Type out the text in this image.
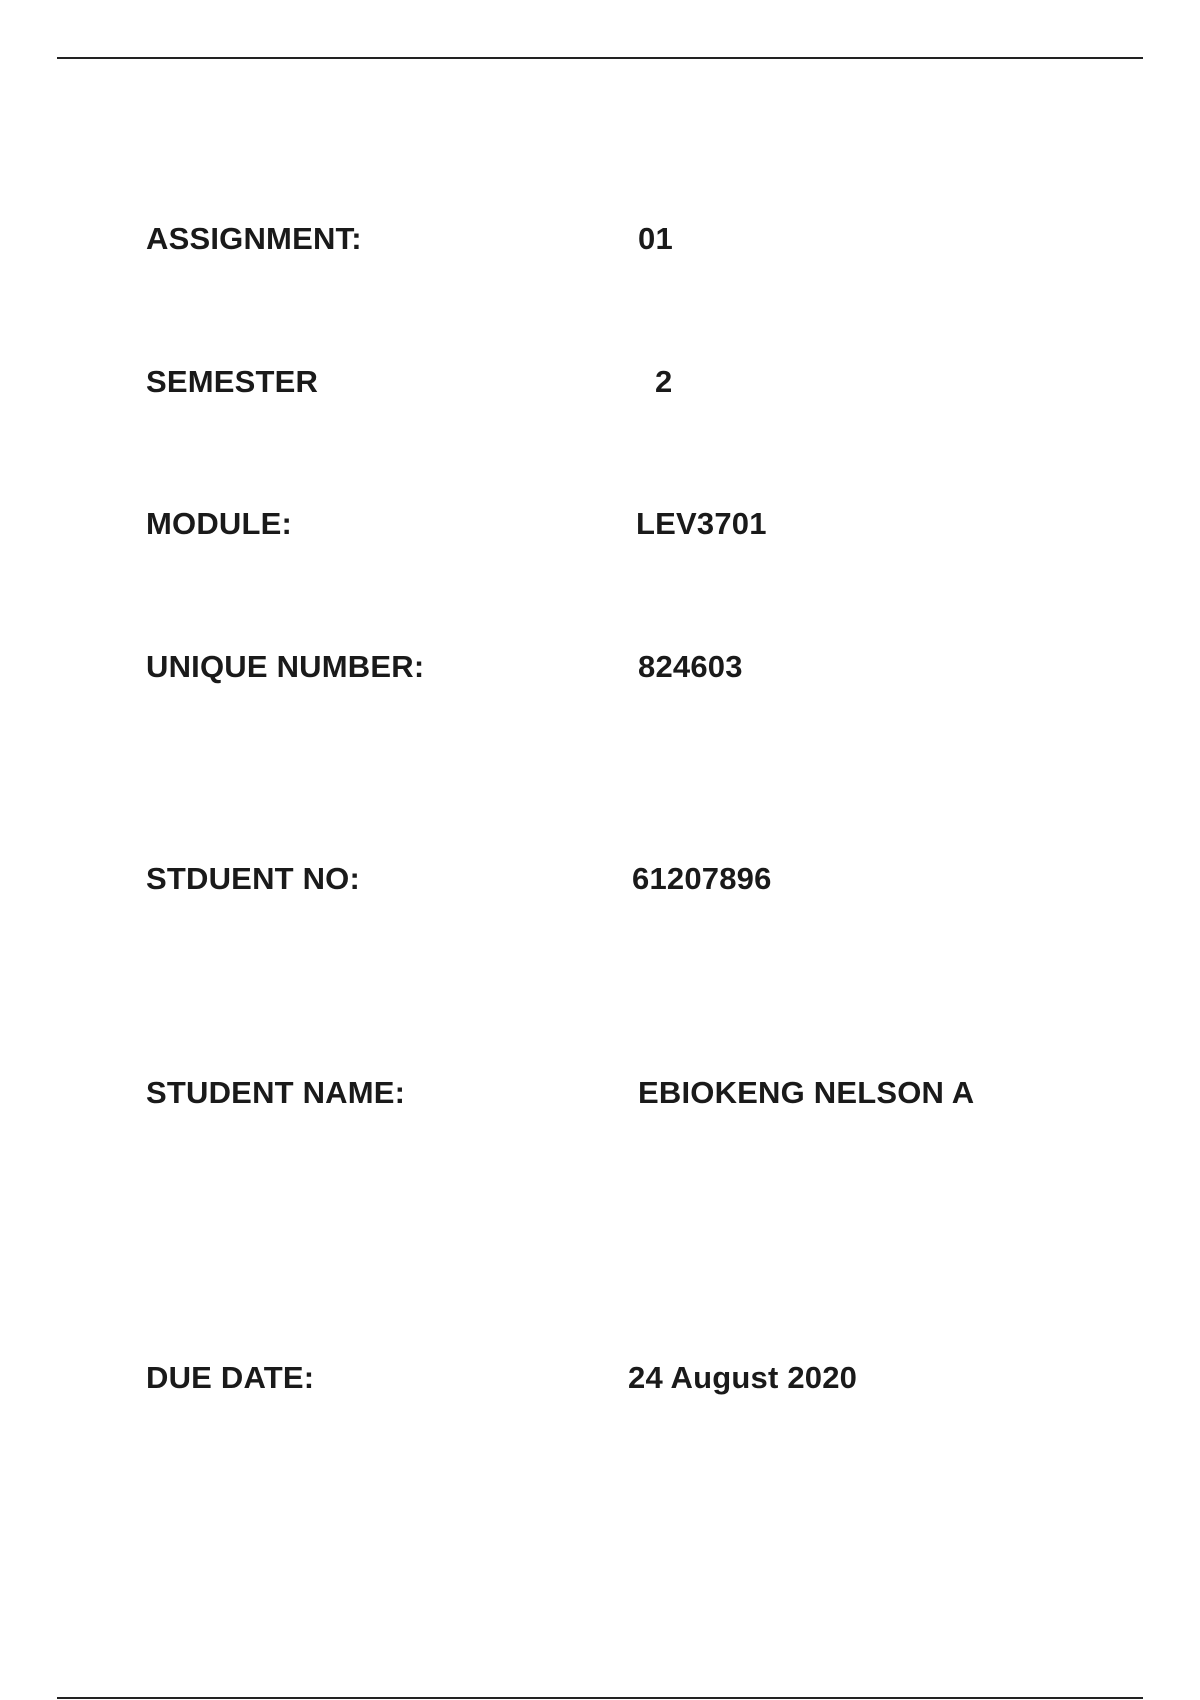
ASSIGNMENT:	01
SEMESTER	2
MODULE:	LEV3701
UNIQUE NUMBER:	824603
STDUENT NO:	61207896
STUDENT NAME:	EBIOKENG NELSON A
DUE DATE:	24 August 2020
